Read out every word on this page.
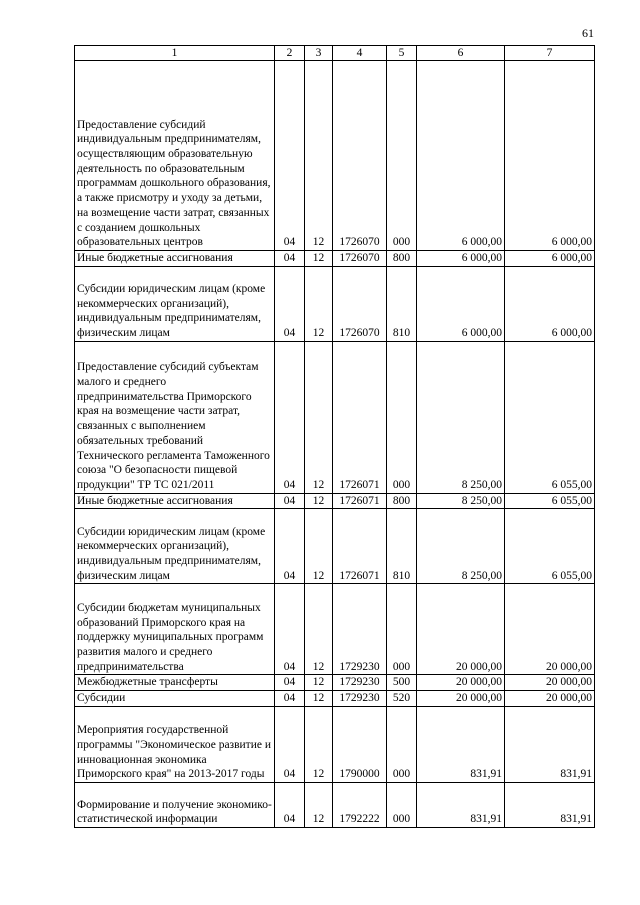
61
1	2	3	4	5	6	7
Предоставление субсидий индивидуальным предпринимателям, осуществляющим образовательную деятельность по образовательным программам дошкольного образования, а также присмотру и уходу за детьми, на возмещение части затрат, связанных с созданием дошкольных образовательных центров	04	12	1726070	000	6 000,00	6 000,00
Иные бюджетные ассигнования	04	12	1726070	800	6 000,00	6 000,00
Субсидии юридическим лицам (кроме некоммерческих организаций), индивидуальным предпринимателям, физическим лицам	04	12	1726070	810	6 000,00	6 000,00
Предоставление субсидий субъектам малого и среднего предпринимательства Приморского края на возмещение части затрат, связанных с выполнением обязательных требований Технического регламента Таможенного союза "О безопасности пищевой продукции" ТР ТС 021/2011	04	12	1726071	000	8 250,00	6 055,00
Иные бюджетные ассигнования	04	12	1726071	800	8 250,00	6 055,00
Субсидии юридическим лицам (кроме некоммерческих организаций), индивидуальным предпринимателям, физическим лицам	04	12	1726071	810	8 250,00	6 055,00
Субсидии бюджетам муниципальных образований Приморского края на поддержку муниципальных программ развития малого и среднего предпринимательства	04	12	1729230	000	20 000,00	20 000,00
Межбюджетные трансферты	04	12	1729230	500	20 000,00	20 000,00
Субсидии	04	12	1729230	520	20 000,00	20 000,00
Мероприятия государственной программы "Экономическое развитие и инновационная экономика Приморского края" на 2013-2017 годы	04	12	1790000	000	831,91	831,91
Формирование и получение экономико-статистической информации	04	12	1792222	000	831,91	831,91
